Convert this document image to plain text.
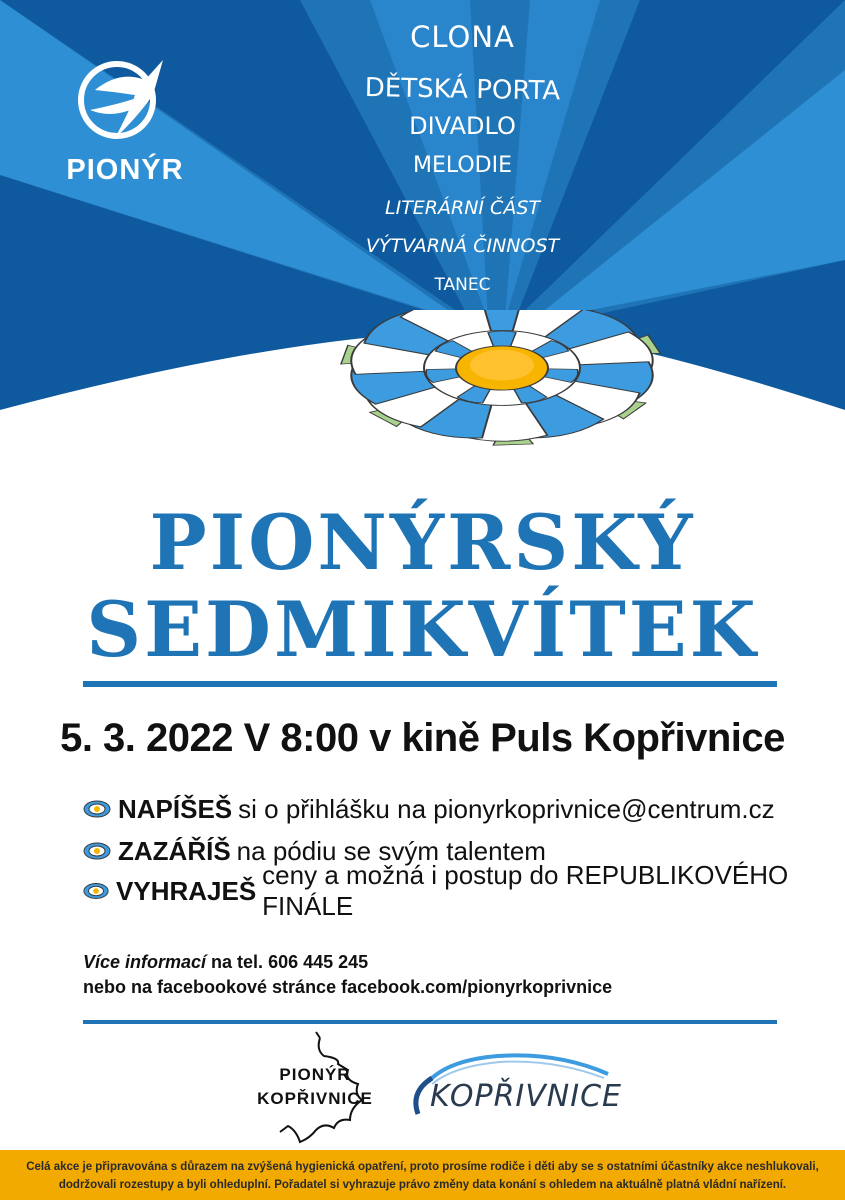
PIONÝR
CLONA
DĚTSKÁ PORTA
DIVADLO
MELODIE
LITERÁRNÍ ČÁST
VÝTVARNÁ ČINNOST
TANEC
PIONÝRSKÝ
SEDMIKVÍTEK
5. 3. 2022 V 8:00 v kině Puls Kopřivnice
NAPÍŠEŠ si o přihlášku na pionyrkoprivnice@centrum.cz
ZAZÁŘÍŠ na pódiu se svým talentem
VYHRAJEŠ
ceny a možná i postup do REPUBLIKOVÉHO FINÁLE
Více informací na tel. 606 445 245
nebo na facebookové stránce facebook.com/pionyrkoprivnice
PIONÝR
KOPŘIVNICE KOPŘIVNICE
Celá akce je připravována s důrazem na zvýšená hygienická opatření, proto prosíme rodiče i děti aby se s ostatními účastníky akce neshlukovali, dodržovali rozestupy a byli ohleduplní. Pořadatel si vyhrazuje právo změny data konání s ohledem na aktuálně platná vládní nařízení.
